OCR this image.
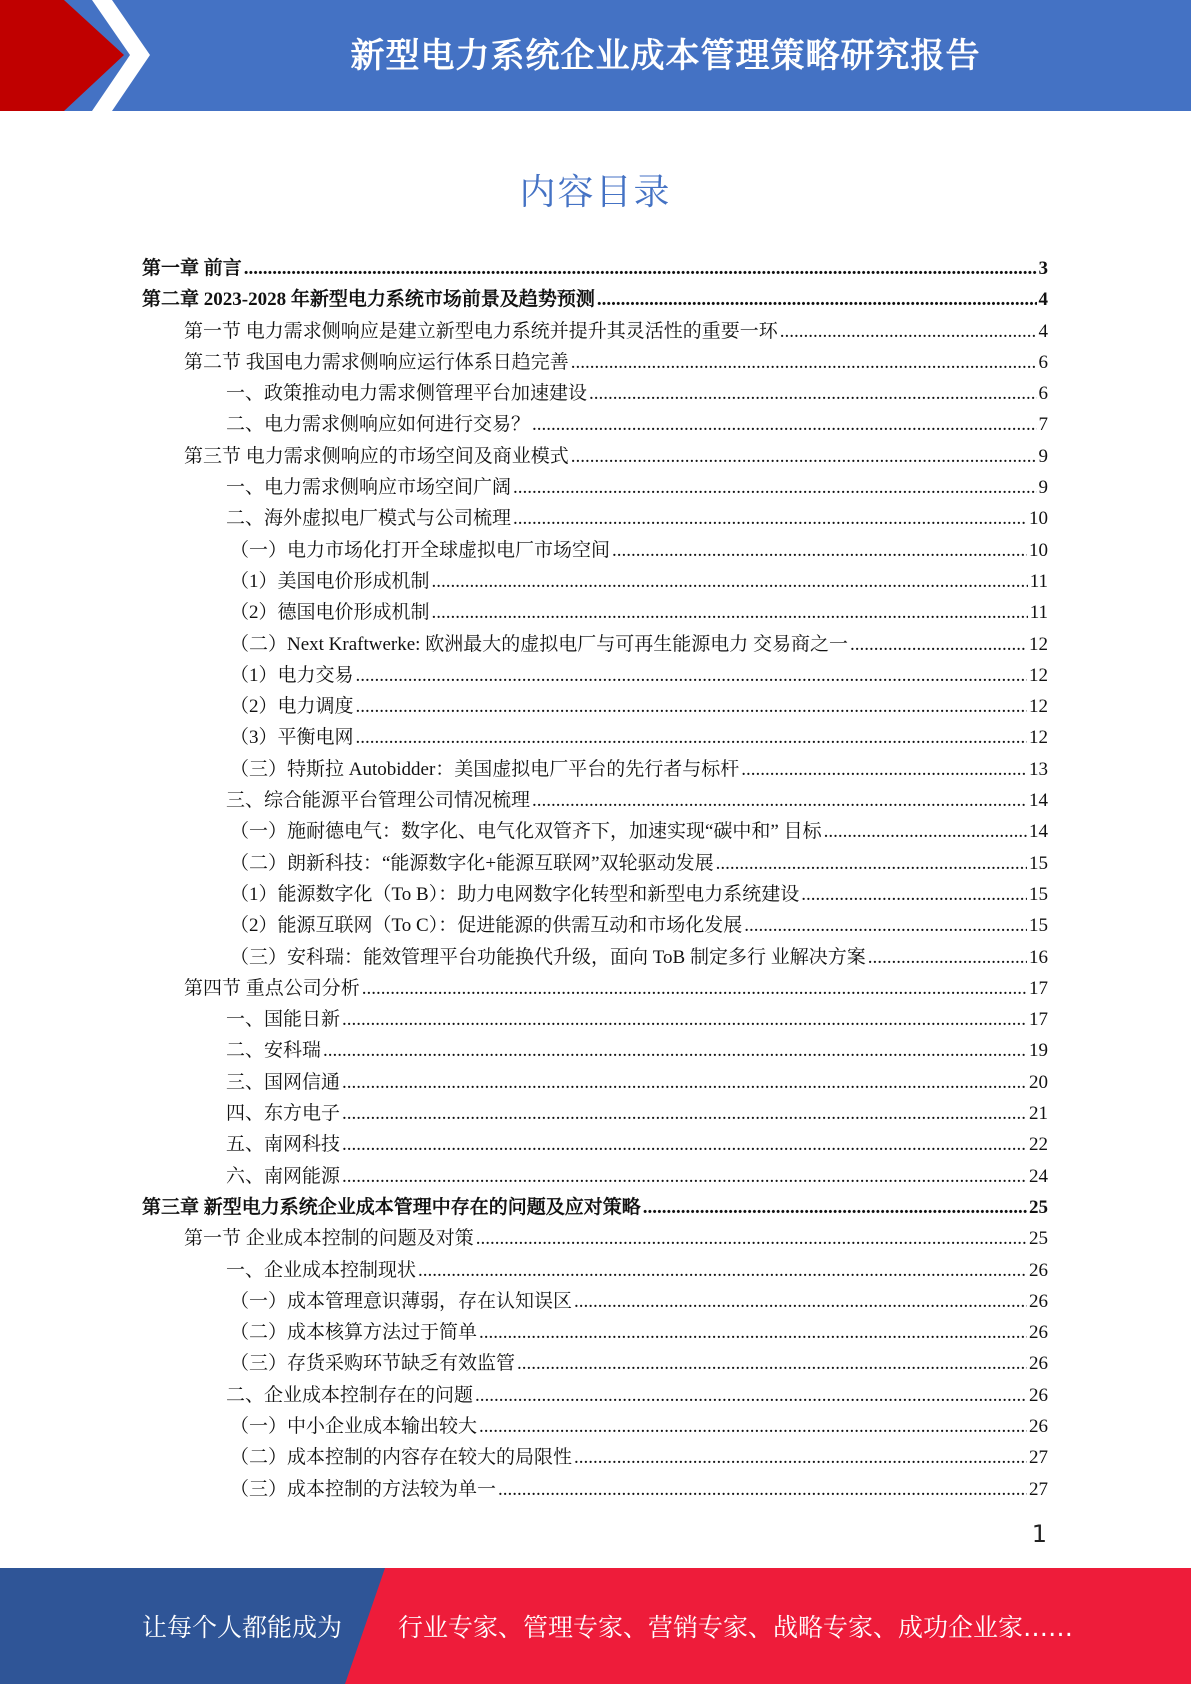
新型电力系统企业成本管理策略研究报告
内容目录
第一章 前言 .....	3
第二章 2023-2028 年新型电力系统市场前景及趋势预测 .....	4
第一节 电力需求侧响应是建立新型电力系统并提升其灵活性的重要一环 .....	4
第二节 我国电力需求侧响应运行体系日趋完善 .....	6
一、政策推动电力需求侧管理平台加速建设 .....	6
二、电力需求侧响应如何进行交易？ .....	7
第三节 电力需求侧响应的市场空间及商业模式 .....	9
一、电力需求侧响应市场空间广阔 .....	9
二、海外虚拟电厂模式与公司梳理 .....	10
（一）电力市场化打开全球虚拟电厂市场空间 .....	10
（1）美国电价形成机制 .....	11
（2）德国电价形成机制 .....	11
（二）Next Kraftwerke: 欧洲最大的虚拟电厂与可再生能源电力 交易商之一 .....	12
（1）电力交易 .....	12
（2）电力调度 .....	12
（3）平衡电网 .....	12
（三）特斯拉 Autobidder：美国虚拟电厂平台的先行者与标杆 .....	13
三、综合能源平台管理公司情况梳理 .....	14
（一）施耐德电气：数字化、电气化双管齐下，加速实现“碳中和” 目标 .....	14
（二）朗新科技：“能源数字化+能源互联网”双轮驱动发展 .....	15
（1）能源数字化（To B）：助力电网数字化转型和新型电力系统建设 .....	15
（2）能源互联网（To C）：促进能源的供需互动和市场化发展 .....	15
（三）安科瑞：能效管理平台功能换代升级，面向 ToB 制定多行 业解决方案 .....	16
第四节 重点公司分析 .....	17
一、国能日新 .....	17
二、安科瑞 .....	19
三、国网信通 .....	20
四、东方电子 .....	21
五、南网科技 .....	22
六、南网能源 .....	24
第三章 新型电力系统企业成本管理中存在的问题及应对策略 .....	25
第一节 企业成本控制的问题及对策 .....	25
一、企业成本控制现状 .....	26
（一）成本管理意识薄弱，存在认知误区 .....	26
（二）成本核算方法过于简单 .....	26
（三）存货采购环节缺乏有效监管 .....	26
二、企业成本控制存在的问题 .....	26
（一）中小企业成本输出较大 .....	26
（二）成本控制的内容存在较大的局限性 .....	27
（三）成本控制的方法较为单一 .....	27
1
让每个人都能成为 行业专家、管理专家、营销专家、战略专家、成功企业家……
